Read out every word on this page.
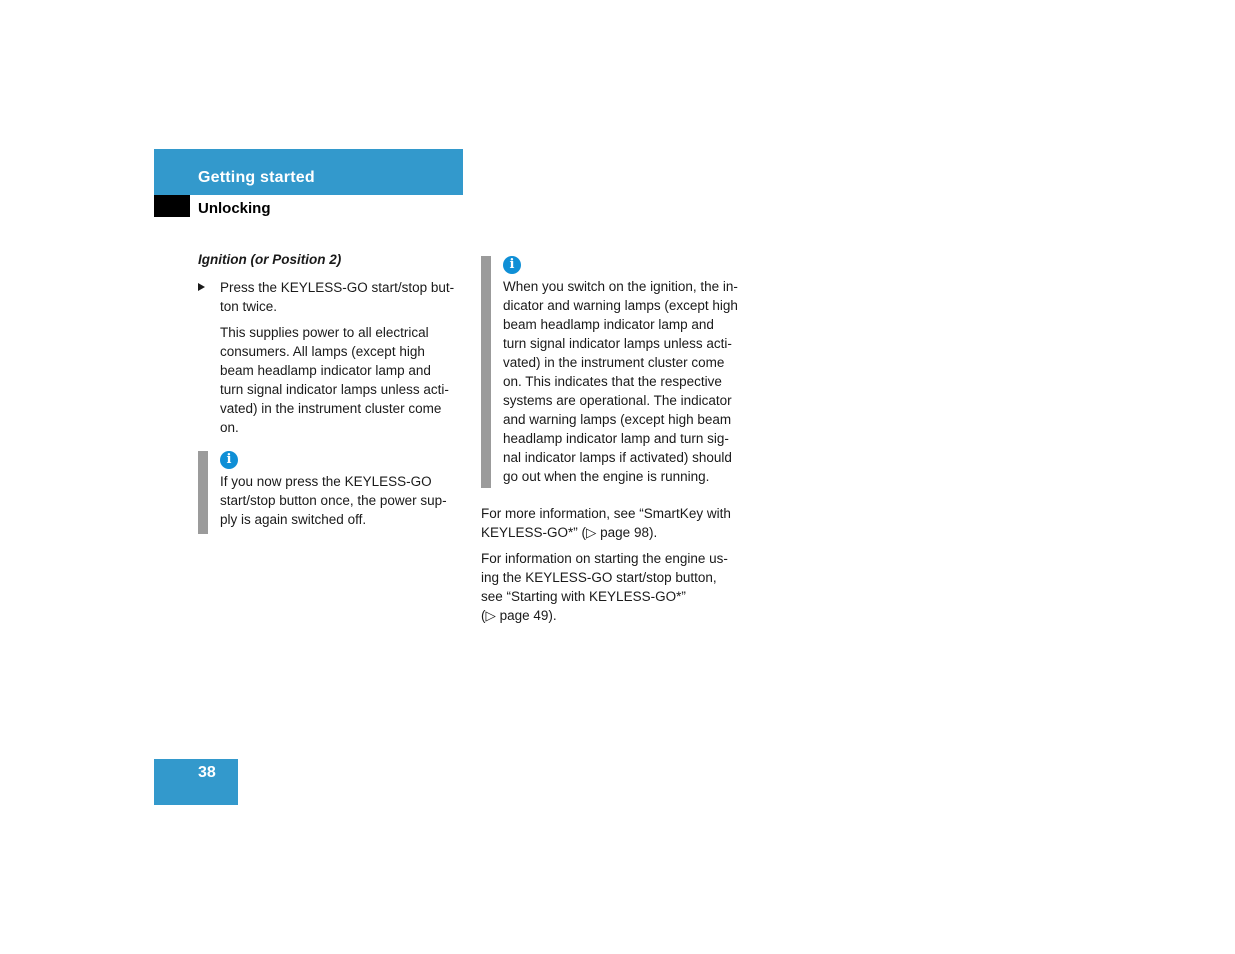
Getting started
Unlocking
Ignition (or Position 2)
Press the KEYLESS-GO start/stop but-
ton twice.
This supplies power to all electrical
consumers. All lamps (except high
beam headlamp indicator lamp and
turn signal indicator lamps unless acti-
vated) in the instrument cluster come
on.
i
If you now press the KEYLESS-GO
start/stop button once, the power sup-
ply is again switched off.
i
When you switch on the ignition, the in-
dicator and warning lamps (except high
beam headlamp indicator lamp and
turn signal indicator lamps unless acti-
vated) in the instrument cluster come
on. This indicates that the respective
systems are operational. The indicator
and warning lamps (except high beam
headlamp indicator lamp and turn sig-
nal indicator lamps if activated) should
go out when the engine is running.
For more information, see “SmartKey with
KEYLESS-GO*” (▷ page 98).
For information on starting the engine us-
ing the KEYLESS-GO start/stop button,
see “Starting with KEYLESS-GO*”
(▷ page 49).
38
